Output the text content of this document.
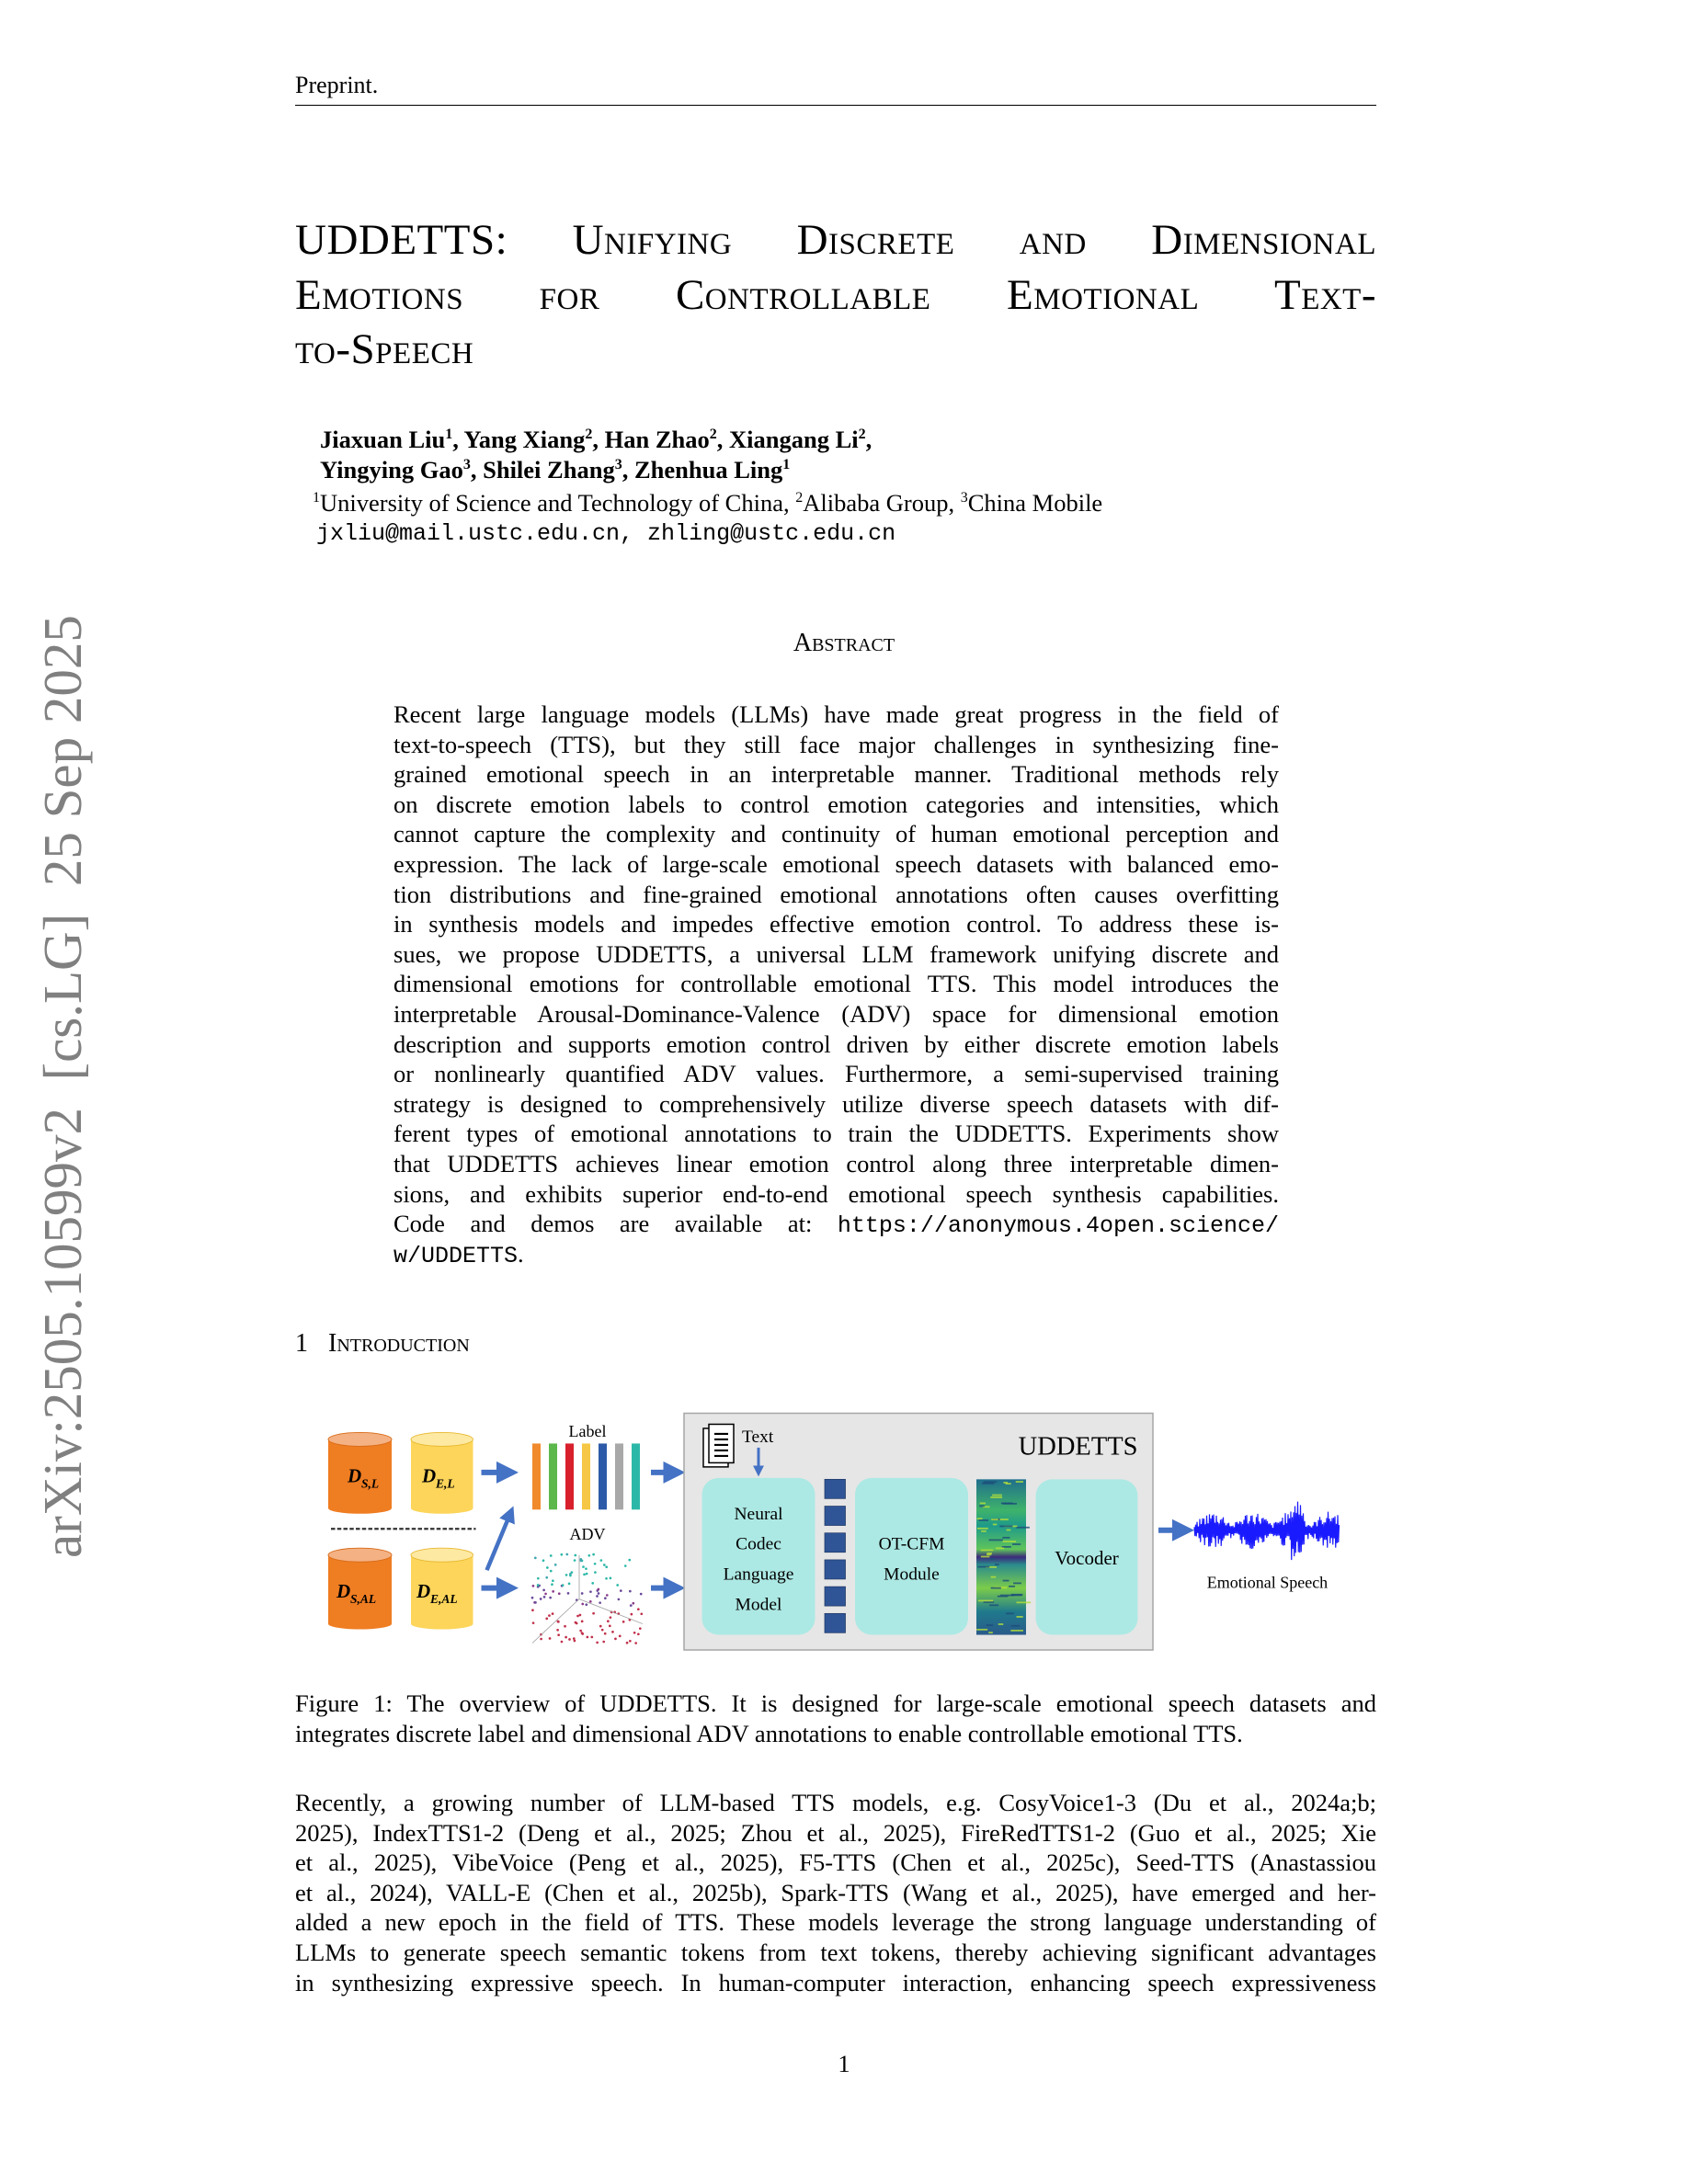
Preprint.
arXiv:2505.10599v2  [cs.LG]  25 Sep 2025
UDDETTS: Unifying Discrete and Dimensional
Emotions for Controllable Emotional Text-
to-Speech
Jiaxuan Liu$^1$, Yang Xiang$^2$, Han Zhao$^2$, Xiangang Li$^2$,
Yingying Gao$^3$, Shilei Zhang$^3$, Zhenhua Ling$^1$
$^1$University of Science and Technology of China, $^2$Alibaba Group, $^3$China Mobile
jxliu@mail.ustc.edu.cn, zhling@ustc.edu.cn
Abstract
Recent large language models (LLMs) have made great progress in the field of
text-to-speech (TTS), but they still face major challenges in synthesizing fine-
grained emotional speech in an interpretable manner. Traditional methods rely
on discrete emotion labels to control emotion categories and intensities, which
cannot capture the complexity and continuity of human emotional perception and
expression. The lack of large-scale emotional speech datasets with balanced emo-
tion distributions and fine-grained emotional annotations often causes overfitting
in synthesis models and impedes effective emotion control. To address these is-
sues, we propose UDDETTS, a universal LLM framework unifying discrete and
dimensional emotions for controllable emotional TTS. This model introduces the
interpretable Arousal-Dominance-Valence (ADV) space for dimensional emotion
description and supports emotion control driven by either discrete emotion labels
or nonlinearly quantified ADV values. Furthermore, a semi-supervised training
strategy is designed to comprehensively utilize diverse speech datasets with dif-
ferent types of emotional annotations to train the UDDETTS. Experiments show
that UDDETTS achieves linear emotion control along three interpretable dimen-
sions, and exhibits superior end-to-end emotional speech synthesis capabilities.
Code and demos are available at: https://anonymous.4open.science/
w/UDDETTS.
1 Introduction
D S,L	D E,L
D S,AL	D E,AL
Label
ADV
Text	UDDETTS
Neural
Codec
Language
Model
OT-CFM
Module
Vocoder
Emotional Speech
Figure 1: The overview of UDDETTS. It is designed for large-scale emotional speech datasets and
integrates discrete label and dimensional ADV annotations to enable controllable emotional TTS.
Recently, a growing number of LLM-based TTS models, e.g. CosyVoice1-3 (Du et al., 2024a;b;
2025), IndexTTS1-2 (Deng et al., 2025; Zhou et al., 2025), FireRedTTS1-2 (Guo et al., 2025; Xie
et al., 2025), VibeVoice (Peng et al., 2025), F5-TTS (Chen et al., 2025c), Seed-TTS (Anastassiou
et al., 2024), VALL-E (Chen et al., 2025b), Spark-TTS (Wang et al., 2025), have emerged and her-
alded a new epoch in the field of TTS. These models leverage the strong language understanding of
LLMs to generate speech semantic tokens from text tokens, thereby achieving significant advantages
in synthesizing expressive speech. In human-computer interaction, enhancing speech expressiveness
1
